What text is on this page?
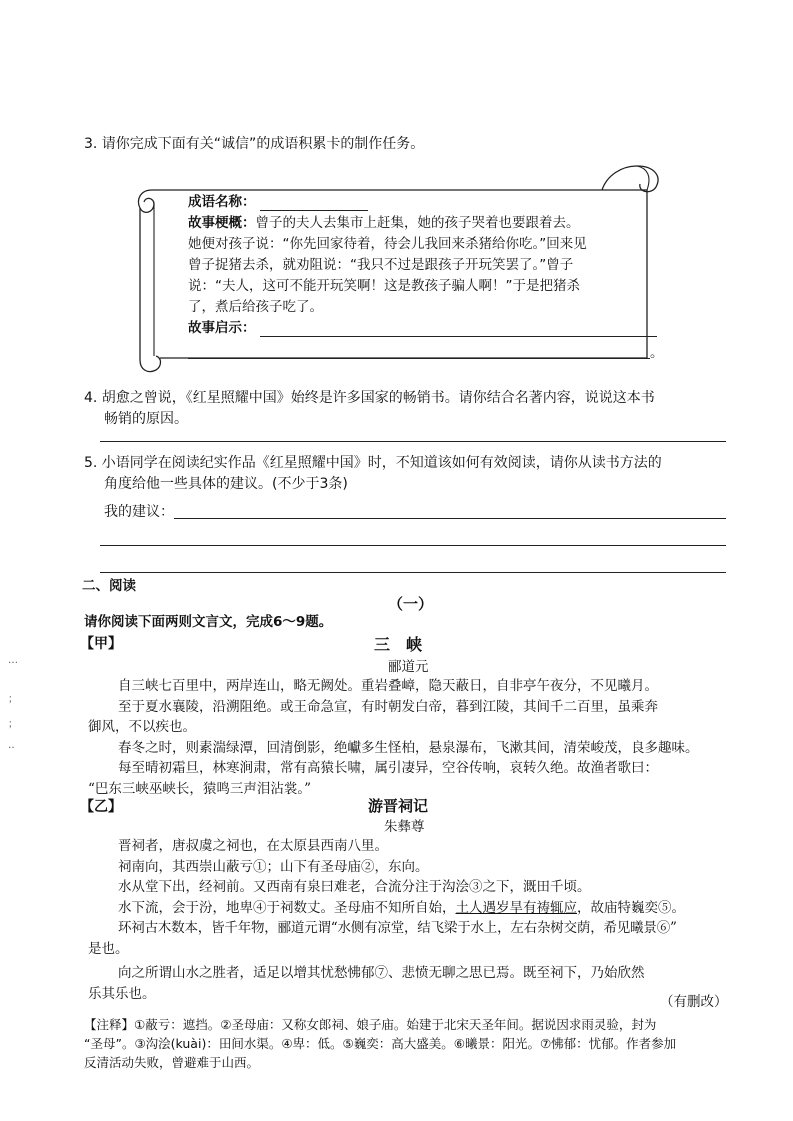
3. 请你完成下面有关“诚信”的成语积累卡的制作任务。
成语名称：
故事梗概：曾子的夫人去集市上赶集，她的孩子哭着也要跟着去。
她便对孩子说：“你先回家待着，待会儿我回来杀猪给你吃。”回来见
曾子捉猪去杀，就劝阻说：“我只不过是跟孩子开玩笑罢了。”曾子
说：“夫人，这可不能开玩笑啊！这是教孩子骗人啊！”于是把猪杀
了，煮后给孩子吃了。
故事启示：
。
4. 胡愈之曾说，《红星照耀中国》始终是许多国家的畅销书。请你结合名著内容，说说这本书
畅销的原因。
5. 小语同学在阅读纪实作品《红星照耀中国》时，不知道该如何有效阅读，请你从读书方法的
角度给他一些具体的建议。(不少于3条)
我的建议：
二、阅读
（一）
请你阅读下面两则文言文，完成6～9题。
【甲】	三　峡
郦道元
自三峡七百里中，两岸连山，略无阙处。重岩叠嶂，隐天蔽日，自非亭午夜分，不见曦月。
至于夏水襄陵，沿溯阻绝。或王命急宣，有时朝发白帝，暮到江陵，其间千二百里，虽乘奔
御风，不以疾也。
春冬之时，则素湍绿潭，回清倒影，绝巘多生怪柏，悬泉瀑布，飞漱其间，清荣峻茂，良多趣味。
每至晴初霜旦，林寒涧肃，常有高猿长啸，属引凄异，空谷传响，哀转久绝。故渔者歌曰：
“巴东三峡巫峡长，猿鸣三声泪沾裳。”
【乙】	游晋祠记
朱彝尊
晋祠者，唐叔虞之祠也，在太原县西南八里。
祠南向，其西崇山蔽亏①；山下有圣母庙②，东向。
水从堂下出，经祠前。又西南有泉曰难老，合流分注于沟浍③之下，溉田千顷。
水下流，会于汾，地卑④于祠数丈。圣母庙不知所自始，土人遇岁旱有祷辄应，故庙特巍奕⑤。
环祠古木数本，皆千年物，郦道元谓“水侧有凉堂，结飞梁于水上，左右杂树交荫，希见曦景⑥”
是也。
向之所谓山水之胜者，适足以增其忧愁怫郁⑦、悲愤无聊之思已焉。既至祠下，乃始欣然
乐其乐也。
（有删改）
【注释】①蔽亏：遮挡。②圣母庙：又称女郎祠、娘子庙。始建于北宋天圣年间。据说因求雨灵验，封为
“圣母”。③沟浍(kuài)：田间水渠。④卑：低。⑤巍奕：高大盛美。⑥曦景：阳光。⑦怫郁：忧郁。作者参加
反清活动失败，曾避难于山西。
…
；
；
‥
